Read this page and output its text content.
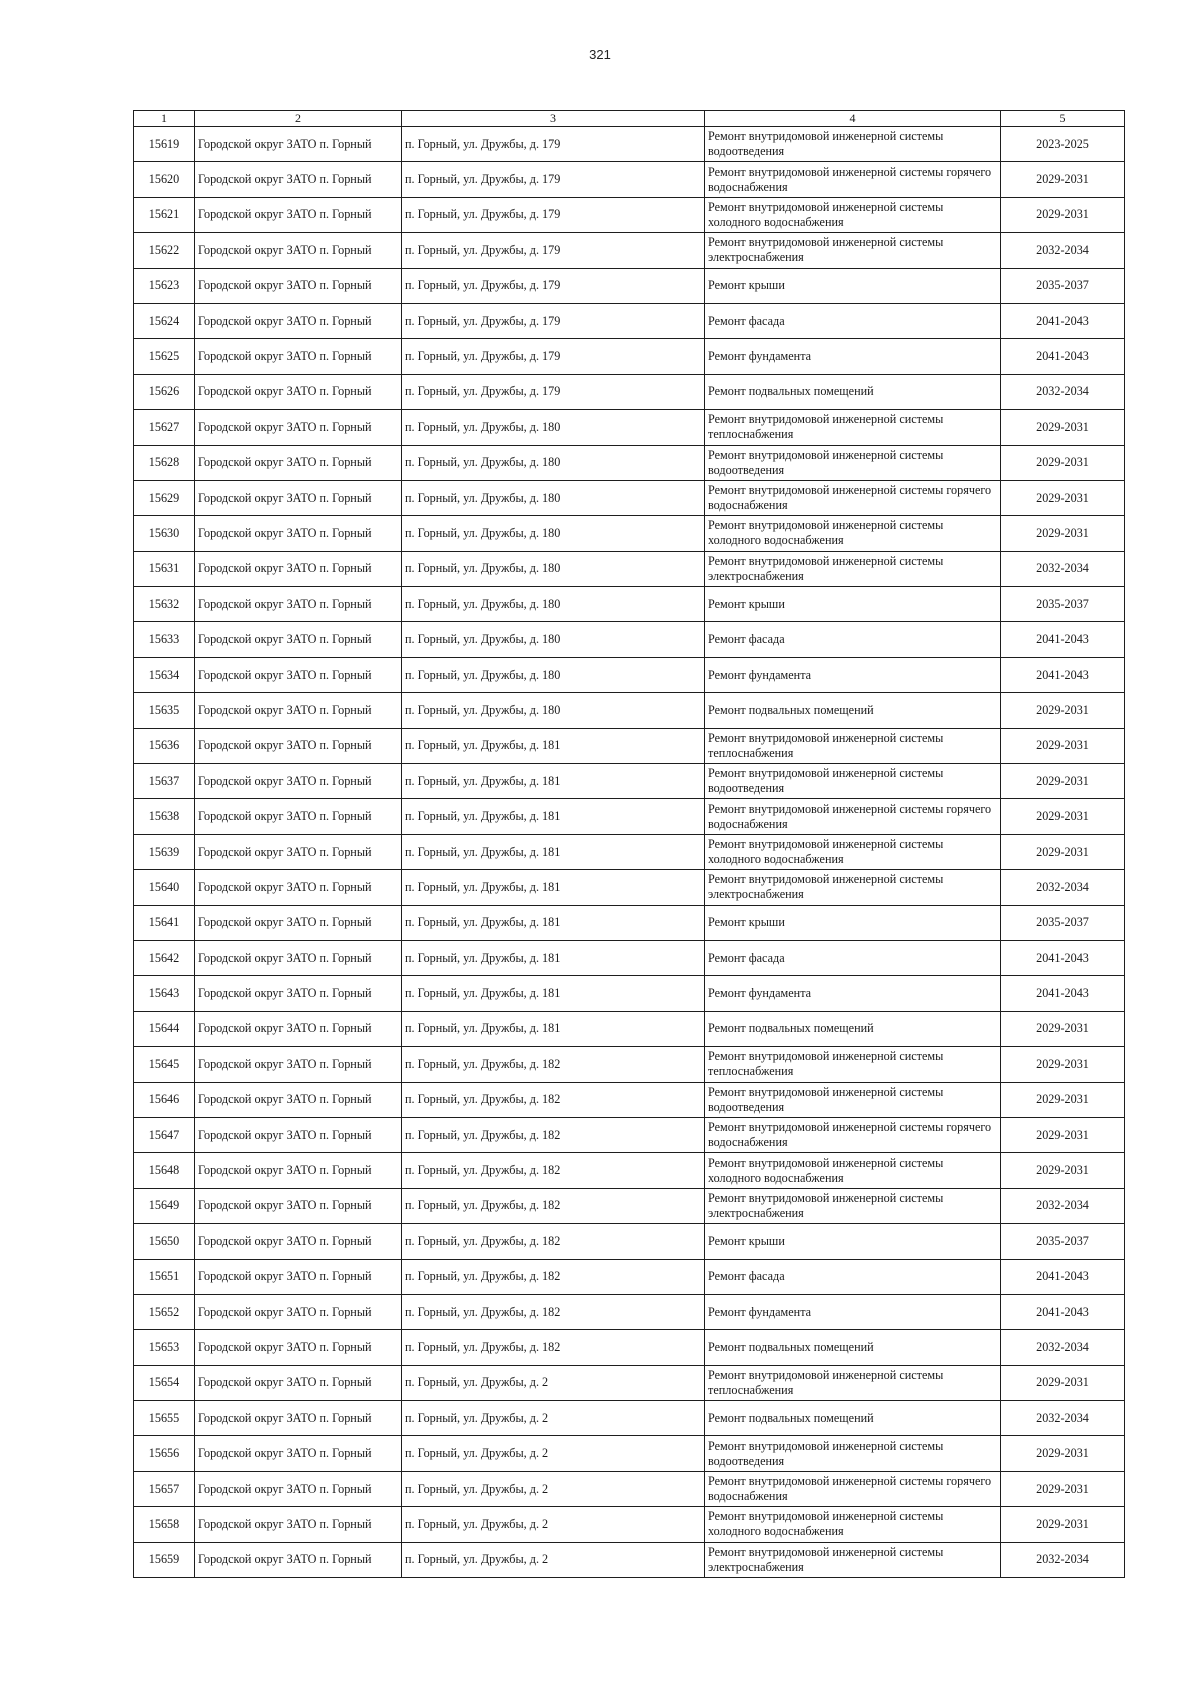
321
1	2	3	4	5
15619	Городской округ ЗАТО п. Горный	п. Горный, ул. Дружбы, д. 179	Ремонт внутридомовой инженерной системы водоотведения	2023-2025
15620	Городской округ ЗАТО п. Горный	п. Горный, ул. Дружбы, д. 179	Ремонт внутридомовой инженерной системы горячего водоснабжения	2029-2031
15621	Городской округ ЗАТО п. Горный	п. Горный, ул. Дружбы, д. 179	Ремонт внутридомовой инженерной системы холодного водоснабжения	2029-2031
15622	Городской округ ЗАТО п. Горный	п. Горный, ул. Дружбы, д. 179	Ремонт внутридомовой инженерной системы электроснабжения	2032-2034
15623	Городской округ ЗАТО п. Горный	п. Горный, ул. Дружбы, д. 179	Ремонт крыши	2035-2037
15624	Городской округ ЗАТО п. Горный	п. Горный, ул. Дружбы, д. 179	Ремонт фасада	2041-2043
15625	Городской округ ЗАТО п. Горный	п. Горный, ул. Дружбы, д. 179	Ремонт фундамента	2041-2043
15626	Городской округ ЗАТО п. Горный	п. Горный, ул. Дружбы, д. 179	Ремонт подвальных помещений	2032-2034
15627	Городской округ ЗАТО п. Горный	п. Горный, ул. Дружбы, д. 180	Ремонт внутридомовой инженерной системы теплоснабжения	2029-2031
15628	Городской округ ЗАТО п. Горный	п. Горный, ул. Дружбы, д. 180	Ремонт внутридомовой инженерной системы водоотведения	2029-2031
15629	Городской округ ЗАТО п. Горный	п. Горный, ул. Дружбы, д. 180	Ремонт внутридомовой инженерной системы горячего водоснабжения	2029-2031
15630	Городской округ ЗАТО п. Горный	п. Горный, ул. Дружбы, д. 180	Ремонт внутридомовой инженерной системы холодного водоснабжения	2029-2031
15631	Городской округ ЗАТО п. Горный	п. Горный, ул. Дружбы, д. 180	Ремонт внутридомовой инженерной системы электроснабжения	2032-2034
15632	Городской округ ЗАТО п. Горный	п. Горный, ул. Дружбы, д. 180	Ремонт крыши	2035-2037
15633	Городской округ ЗАТО п. Горный	п. Горный, ул. Дружбы, д. 180	Ремонт фасада	2041-2043
15634	Городской округ ЗАТО п. Горный	п. Горный, ул. Дружбы, д. 180	Ремонт фундамента	2041-2043
15635	Городской округ ЗАТО п. Горный	п. Горный, ул. Дружбы, д. 180	Ремонт подвальных помещений	2029-2031
15636	Городской округ ЗАТО п. Горный	п. Горный, ул. Дружбы, д. 181	Ремонт внутридомовой инженерной системы теплоснабжения	2029-2031
15637	Городской округ ЗАТО п. Горный	п. Горный, ул. Дружбы, д. 181	Ремонт внутридомовой инженерной системы водоотведения	2029-2031
15638	Городской округ ЗАТО п. Горный	п. Горный, ул. Дружбы, д. 181	Ремонт внутридомовой инженерной системы горячего водоснабжения	2029-2031
15639	Городской округ ЗАТО п. Горный	п. Горный, ул. Дружбы, д. 181	Ремонт внутридомовой инженерной системы холодного водоснабжения	2029-2031
15640	Городской округ ЗАТО п. Горный	п. Горный, ул. Дружбы, д. 181	Ремонт внутридомовой инженерной системы электроснабжения	2032-2034
15641	Городской округ ЗАТО п. Горный	п. Горный, ул. Дружбы, д. 181	Ремонт крыши	2035-2037
15642	Городской округ ЗАТО п. Горный	п. Горный, ул. Дружбы, д. 181	Ремонт фасада	2041-2043
15643	Городской округ ЗАТО п. Горный	п. Горный, ул. Дружбы, д. 181	Ремонт фундамента	2041-2043
15644	Городской округ ЗАТО п. Горный	п. Горный, ул. Дружбы, д. 181	Ремонт подвальных помещений	2029-2031
15645	Городской округ ЗАТО п. Горный	п. Горный, ул. Дружбы, д. 182	Ремонт внутридомовой инженерной системы теплоснабжения	2029-2031
15646	Городской округ ЗАТО п. Горный	п. Горный, ул. Дружбы, д. 182	Ремонт внутридомовой инженерной системы водоотведения	2029-2031
15647	Городской округ ЗАТО п. Горный	п. Горный, ул. Дружбы, д. 182	Ремонт внутридомовой инженерной системы горячего водоснабжения	2029-2031
15648	Городской округ ЗАТО п. Горный	п. Горный, ул. Дружбы, д. 182	Ремонт внутридомовой инженерной системы холодного водоснабжения	2029-2031
15649	Городской округ ЗАТО п. Горный	п. Горный, ул. Дружбы, д. 182	Ремонт внутридомовой инженерной системы электроснабжения	2032-2034
15650	Городской округ ЗАТО п. Горный	п. Горный, ул. Дружбы, д. 182	Ремонт крыши	2035-2037
15651	Городской округ ЗАТО п. Горный	п. Горный, ул. Дружбы, д. 182	Ремонт фасада	2041-2043
15652	Городской округ ЗАТО п. Горный	п. Горный, ул. Дружбы, д. 182	Ремонт фундамента	2041-2043
15653	Городской округ ЗАТО п. Горный	п. Горный, ул. Дружбы, д. 182	Ремонт подвальных помещений	2032-2034
15654	Городской округ ЗАТО п. Горный	п. Горный, ул. Дружбы, д. 2	Ремонт внутридомовой инженерной системы теплоснабжения	2029-2031
15655	Городской округ ЗАТО п. Горный	п. Горный, ул. Дружбы, д. 2	Ремонт подвальных помещений	2032-2034
15656	Городской округ ЗАТО п. Горный	п. Горный, ул. Дружбы, д. 2	Ремонт внутридомовой инженерной системы водоотведения	2029-2031
15657	Городской округ ЗАТО п. Горный	п. Горный, ул. Дружбы, д. 2	Ремонт внутридомовой инженерной системы горячего водоснабжения	2029-2031
15658	Городской округ ЗАТО п. Горный	п. Горный, ул. Дружбы, д. 2	Ремонт внутридомовой инженерной системы холодного водоснабжения	2029-2031
15659	Городской округ ЗАТО п. Горный	п. Горный, ул. Дружбы, д. 2	Ремонт внутридомовой инженерной системы электроснабжения	2032-2034
